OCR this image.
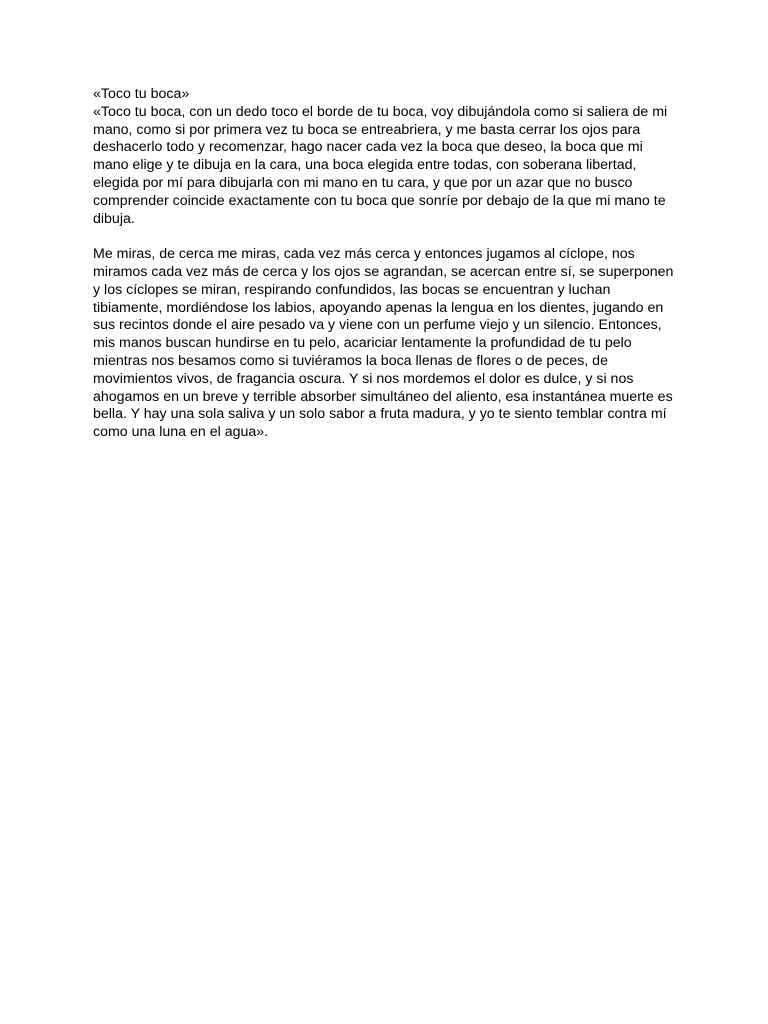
«Toco tu boca»

«Toco tu boca, con un dedo toco el borde de tu boca, voy dibujándola como si saliera de mi mano, como si por primera vez tu boca se entreabriera, y me basta cerrar los ojos para deshacerlo todo y recomenzar, hago nacer cada vez la boca que deseo, la boca que mi mano elige y te dibuja en la cara, una boca elegida entre todas, con soberana libertad, elegida por mí para dibujarla con mi mano en tu cara, y que por un azar que no busco comprender coincide exactamente con tu boca que sonríe por debajo de la que mi mano te dibuja.

Me miras, de cerca me miras, cada vez más cerca y entonces jugamos al cíclope, nos miramos cada vez más de cerca y los ojos se agrandan, se acercan entre sí, se superponen y los cíclopes se miran, respirando confundidos, las bocas se encuentran y luchan tibiamente, mordiéndose los labios, apoyando apenas la lengua en los dientes, jugando en sus recintos donde el aire pesado va y viene con un perfume viejo y un silencio. Entonces, mis manos buscan hundirse en tu pelo, acariciar lentamente la profundidad de tu pelo mientras nos besamos como si tuviéramos la boca llenas de flores o de peces, de movimientos vivos, de fragancia oscura. Y si nos mordemos el dolor es dulce, y si nos ahogamos en un breve y terrible absorber simultáneo del aliento, esa instantánea muerte es bella. Y hay una sola saliva y un solo sabor a fruta madura, y yo te siento temblar contra mí como una luna en el agua».
